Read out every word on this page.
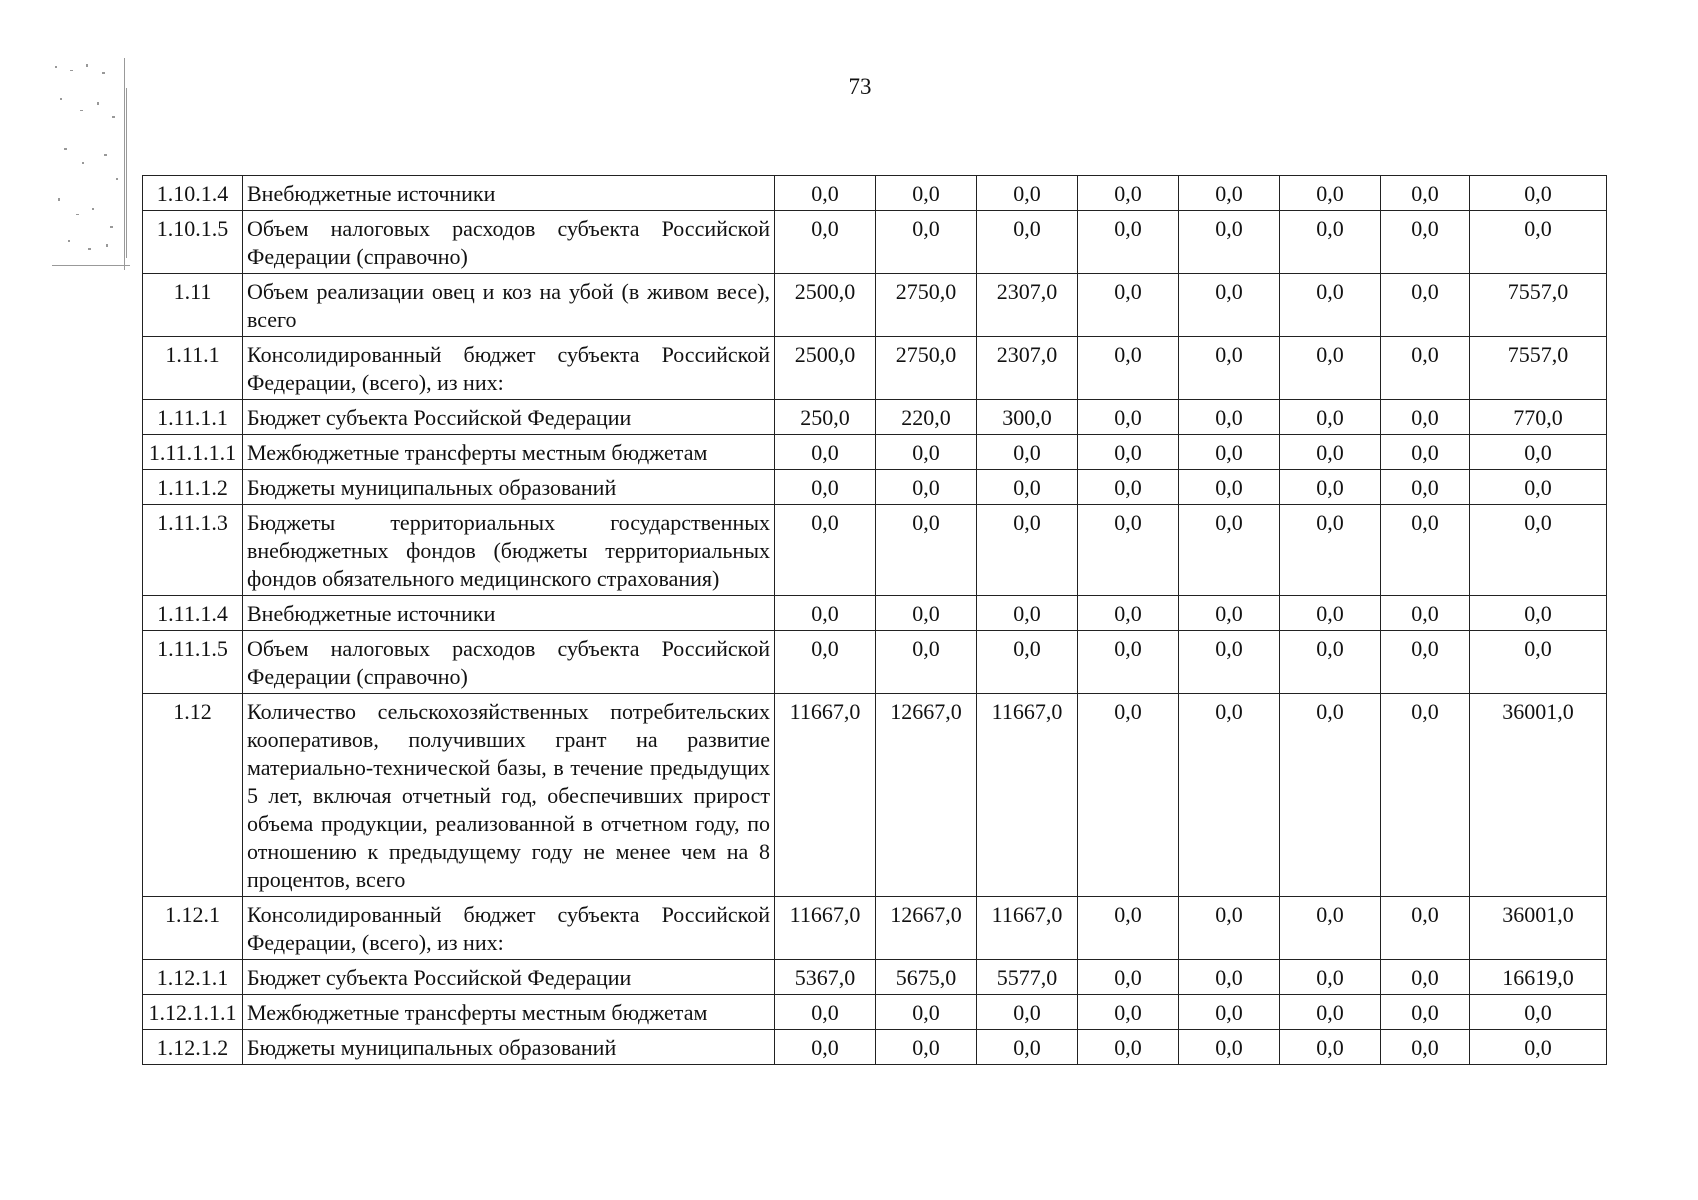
73
1.10.1.4	Внебюджетные источники	0,0	0,0	0,0	0,0	0,0	0,0	0,0	0,0
1.10.1.5	Объем налоговых расходов субъекта Российской Федерации (справочно)	0,0	0,0	0,0	0,0	0,0	0,0	0,0	0,0
1.11	Объем реализации овец и коз на убой (в живом весе), всего	2500,0	2750,0	2307,0	0,0	0,0	0,0	0,0	7557,0
1.11.1	Консолидированный бюджет субъекта Российской Федерации, (всего), из них:	2500,0	2750,0	2307,0	0,0	0,0	0,0	0,0	7557,0
1.11.1.1	Бюджет субъекта Российской Федерации	250,0	220,0	300,0	0,0	0,0	0,0	0,0	770,0
1.11.1.1.1	Межбюджетные трансферты местным бюджетам	0,0	0,0	0,0	0,0	0,0	0,0	0,0	0,0
1.11.1.2	Бюджеты муниципальных образований	0,0	0,0	0,0	0,0	0,0	0,0	0,0	0,0
1.11.1.3	Бюджеты территориальных государственных внебюджетных фондов (бюджеты территориальных фондов обязательного медицинского страхования)	0,0	0,0	0,0	0,0	0,0	0,0	0,0	0,0
1.11.1.4	Внебюджетные источники	0,0	0,0	0,0	0,0	0,0	0,0	0,0	0,0
1.11.1.5	Объем налоговых расходов субъекта Российской Федерации (справочно)	0,0	0,0	0,0	0,0	0,0	0,0	0,0	0,0
1.12	Количество сельскохозяйственных потребительских кооперативов, получивших грант на развитие материально-технической базы, в течение предыдущих 5 лет, включая отчетный год, обеспечивших прирост объема продукции, реализованной в отчетном году, по отношению к предыдущему году не менее чем на 8 процентов, всего	11667,0	12667,0	11667,0	0,0	0,0	0,0	0,0	36001,0
1.12.1	Консолидированный бюджет субъекта Российской Федерации, (всего), из них:	11667,0	12667,0	11667,0	0,0	0,0	0,0	0,0	36001,0
1.12.1.1	Бюджет субъекта Российской Федерации	5367,0	5675,0	5577,0	0,0	0,0	0,0	0,0	16619,0
1.12.1.1.1	Межбюджетные трансферты местным бюджетам	0,0	0,0	0,0	0,0	0,0	0,0	0,0	0,0
1.12.1.2	Бюджеты муниципальных образований	0,0	0,0	0,0	0,0	0,0	0,0	0,0	0,0
